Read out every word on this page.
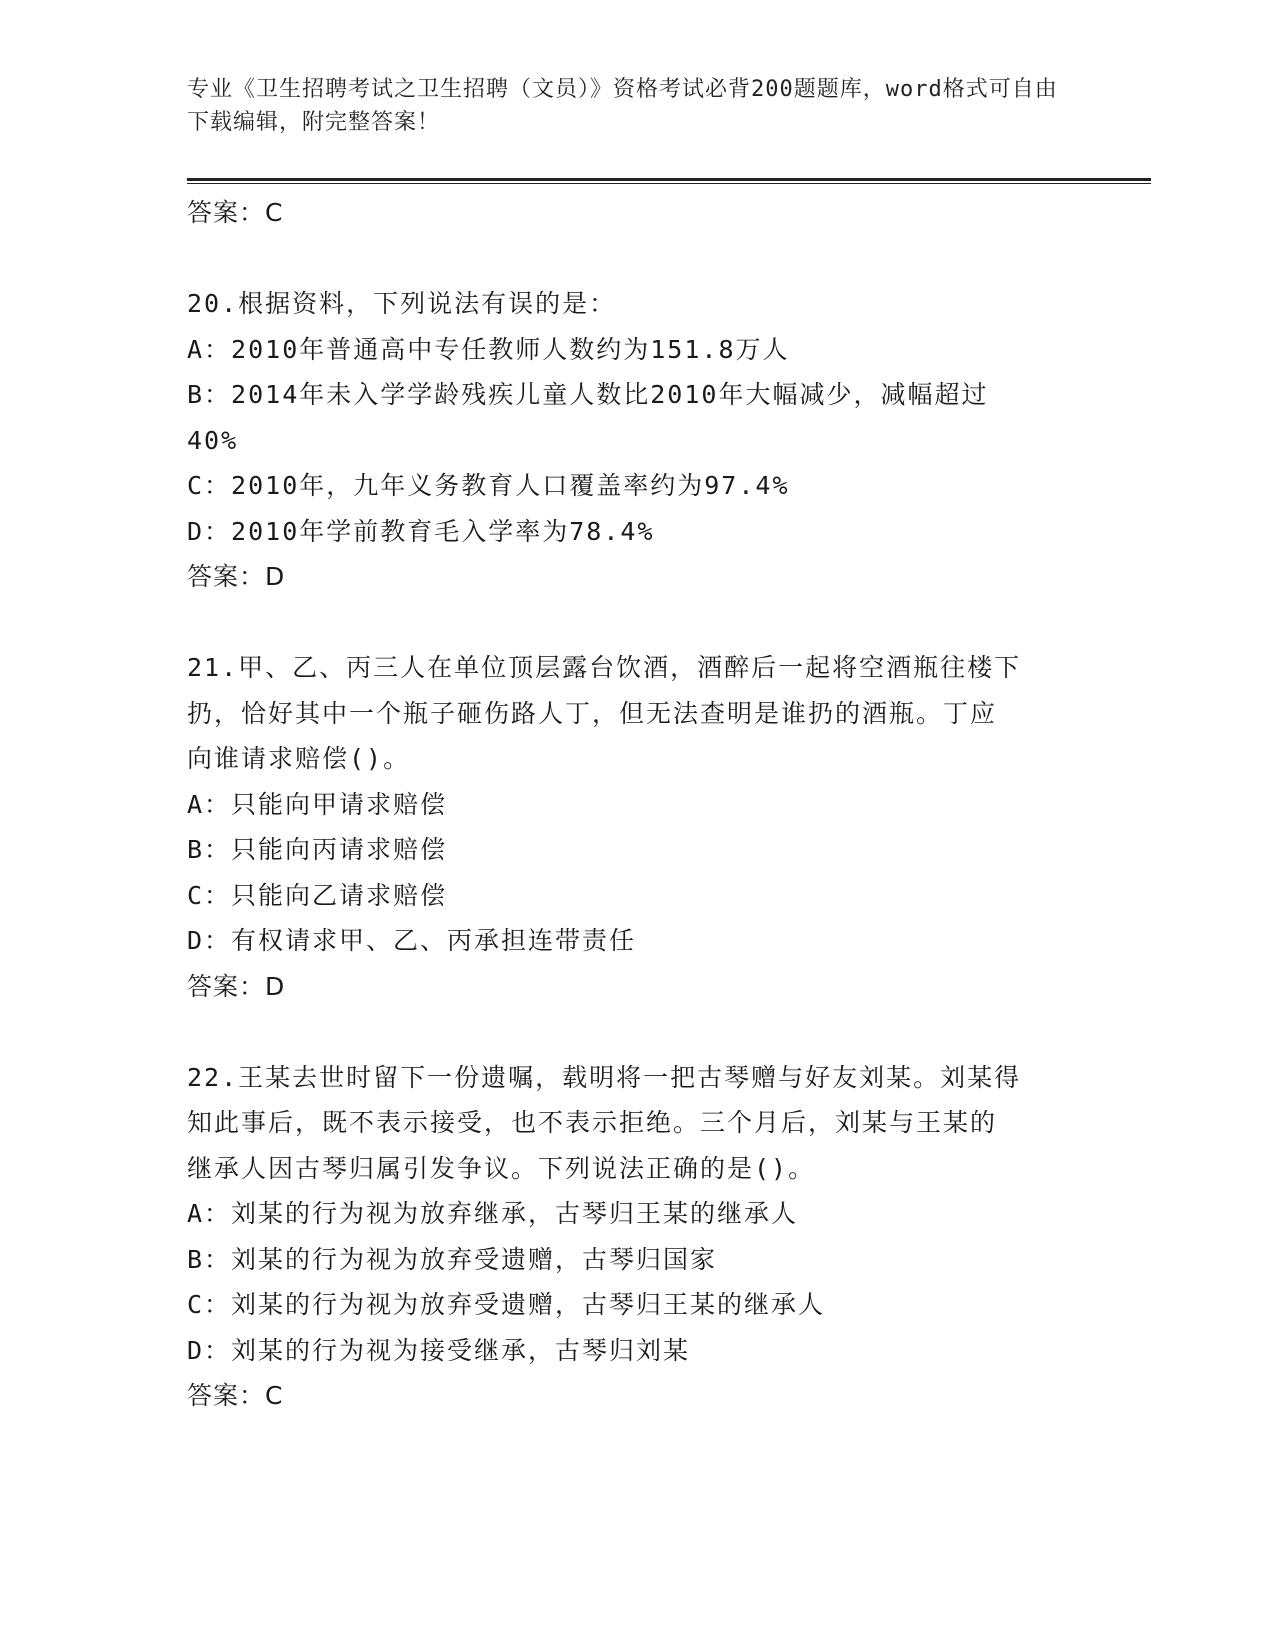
专业《卫生招聘考试之卫生招聘（文员）》资格考试必背200题题库，word格式可自由下载编辑，附完整答案！
答案：C
20.根据资料，下列说法有误的是：
A：2010年普通高中专任教师人数约为151.8万人
B：2014年未入学学龄残疾儿童人数比2010年大幅减少，减幅超过
40%
C：2010年，九年义务教育人口覆盖率约为97.4%
D：2010年学前教育毛入学率为78.4%
答案：D
21.甲、乙、丙三人在单位顶层露台饮酒，酒醉后一起将空酒瓶往楼下
扔，恰好其中一个瓶子砸伤路人丁，但无法查明是谁扔的酒瓶。丁应
向谁请求赔偿()。
A：只能向甲请求赔偿
B：只能向丙请求赔偿
C：只能向乙请求赔偿
D：有权请求甲、乙、丙承担连带责任
答案：D
22.王某去世时留下一份遗嘱，载明将一把古琴赠与好友刘某。刘某得
知此事后，既不表示接受，也不表示拒绝。三个月后，刘某与王某的
继承人因古琴归属引发争议。下列说法正确的是()。
A：刘某的行为视为放弃继承，古琴归王某的继承人
B：刘某的行为视为放弃受遗赠，古琴归国家
C：刘某的行为视为放弃受遗赠，古琴归王某的继承人
D：刘某的行为视为接受继承，古琴归刘某
答案：C
